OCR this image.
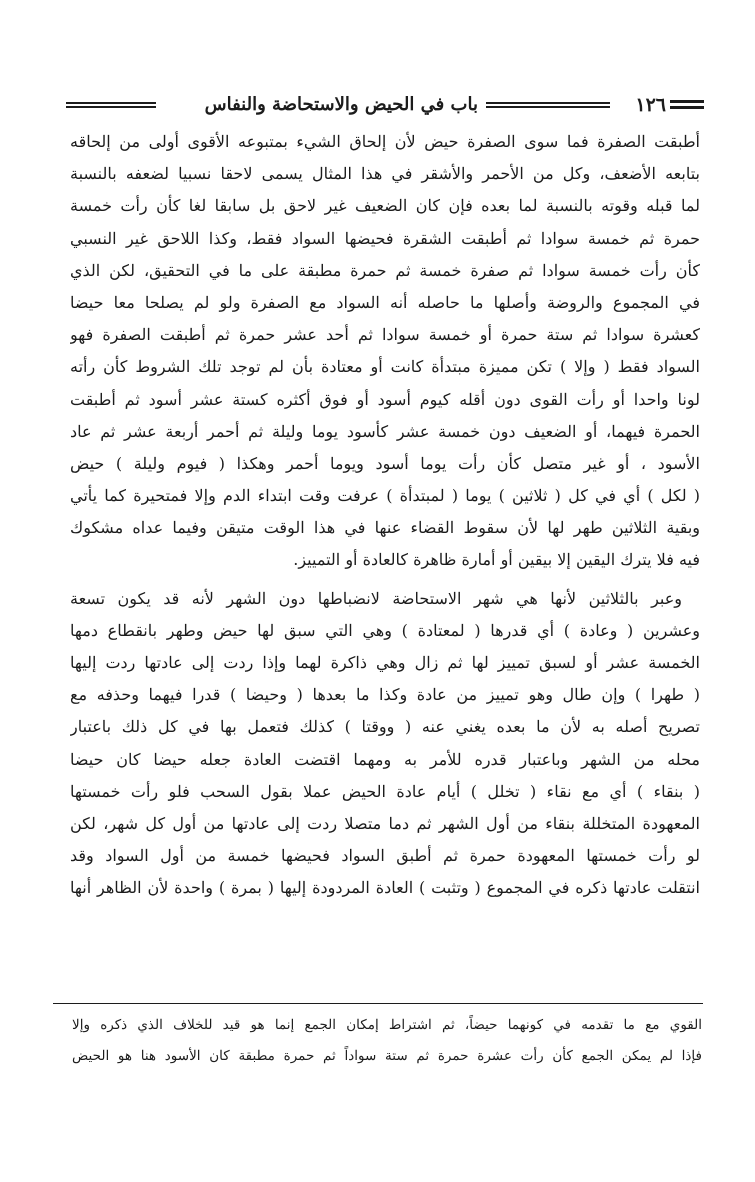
١٢٦
باب في الحيض والاستحاضة والنفاس
أطبقت الصفرة فما سوى الصفرة حيض لأن إلحاق الشيء بمتبوعه الأقوى أولى من إلحاقه
بتابعه الأضعف، وكل من الأحمر والأشقر في هذا المثال يسمى لاحقا نسبيا لضعفه بالنسبة
لما قبله وقوته بالنسبة لما بعده فإن كان الضعيف غير لاحق بل سابقا لغا كأن رأت خمسة
حمرة ثم خمسة سوادا ثم أطبقت الشقرة فحيضها السواد فقط، وكذا اللاحق غير النسبي
كأن رأت خمسة سوادا ثم صفرة خمسة ثم حمرة مطبقة على ما في التحقيق، لكن الذي
في المجموع والروضة وأصلها ما حاصله أنه السواد مع الصفرة ولو لم يصلحا معا حيضا
كعشرة سوادا ثم ستة حمرة أو خمسة سوادا ثم أحد عشر حمرة ثم أطبقت الصفرة فهو
السواد فقط ( وإلا ) تكن مميزة مبتدأة كانت أو معتادة بأن لم توجد تلك الشروط كأن رأته
لونا واحدا أو رأت القوى دون أقله كيوم أسود أو فوق أكثره كستة عشر أسود ثم أطبقت
الحمرة فيهما، أو الضعيف دون خمسة عشر كأسود يوما وليلة ثم أحمر أربعة عشر ثم عاد
الأسود ، أو غير متصل كأن رأت يوما أسود ويوما أحمر وهكذا ( فيوم وليلة ) حيض
( لكل ) أي في كل ( ثلاثين ) يوما ( لمبتدأة ) عرفت وقت ابتداء الدم وإلا فمتحيرة كما يأتي
وبقية الثلاثين طهر لها لأن سقوط القضاء عنها في هذا الوقت متيقن وفيما عداه مشكوك
فيه فلا يترك اليقين إلا بيقين أو أمارة ظاهرة كالعادة أو التمييز.
وعبر بالثلاثين لأنها هي شهر الاستحاضة لانضباطها دون الشهر لأنه قد يكون تسعة
وعشرين ( وعادة ) أي قدرها ( لمعتادة ) وهي التي سبق لها حيض وطهر بانقطاع دمها
الخمسة عشر أو لسبق تمييز لها ثم زال وهي ذاكرة لهما وإذا ردت إلى عادتها ردت إليها
( طهرا ) وإن طال وهو تمييز من عادة وكذا ما بعدها ( وحيضا ) قدرا فيهما وحذفه مع
تصريح أصله به لأن ما بعده يغني عنه ( ووقتا ) كذلك فتعمل بها في كل ذلك باعتبار
محله من الشهر وباعتبار قدره للأمر به ومهما اقتضت العادة جعله حيضا كان حيضا
( بنقاء ) أي مع نقاء ( تخلل ) أيام عادة الحيض عملا بقول السحب فلو رأت خمستها
المعهودة المتخللة بنقاء من أول الشهر ثم دما متصلا ردت إلى عادتها من أول كل شهر، لكن
لو رأت خمستها المعهودة حمرة ثم أطبق السواد فحيضها خمسة من أول السواد وقد
انتقلت عادتها ذكره في المجموع ( وتثبت ) العادة المردودة إليها ( بمرة ) واحدة لأن الظاهر أنها
القوي مع ما تقدمه في كونهما حيضاً، ثم اشتراط إمكان الجمع إنما هو قيد للخلاف الذي ذكره وإلا
فإذا لم يمكن الجمع كأن رأت عشرة حمرة ثم ستة سواداً ثم حمرة مطبقة كان الأسود هنا هو الحيض
